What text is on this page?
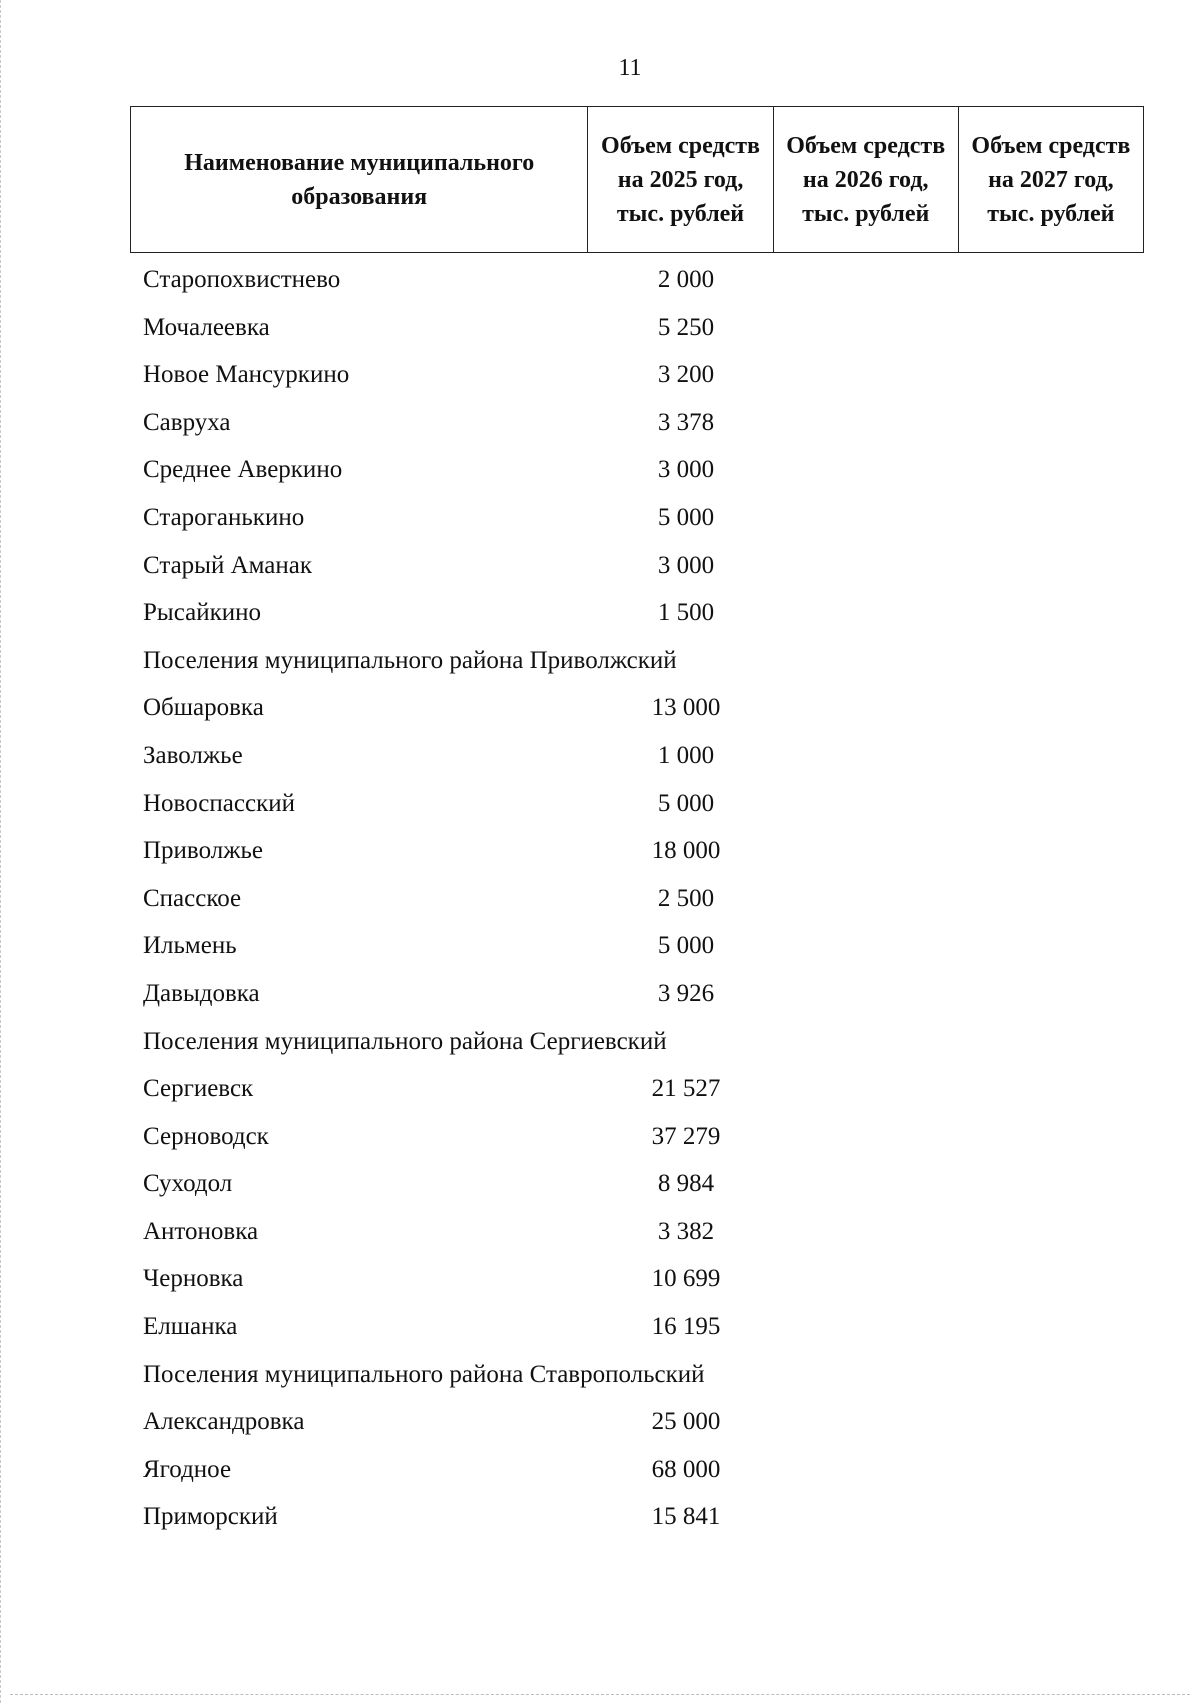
11
Наименование муниципального образования	Объем средств на 2025 год, тыс. рублей	Объем средств на 2026 год, тыс. рублей	Объем средств на 2027 год, тыс. рублей
Старопохвистнево	2 000
Мочалеевка	5 250
Новое Мансуркино	3 200
Савруха	3 378
Среднее Аверкино	3 000
Староганькино	5 000
Старый Аманак	3 000
Рысайкино	1 500
Поселения муниципального района Приволжский
Обшаровка	13 000
Заволжье	1 000
Новоспасский	5 000
Приволжье	18 000
Спасское	2 500
Ильмень	5 000
Давыдовка	3 926
Поселения муниципального района Сергиевский
Сергиевск	21 527
Серноводск	37 279
Суходол	8 984
Антоновка	3 382
Черновка	10 699
Елшанка	16 195
Поселения муниципального района Ставропольский
Александровка	25 000
Ягодное	68 000
Приморский	15 841
